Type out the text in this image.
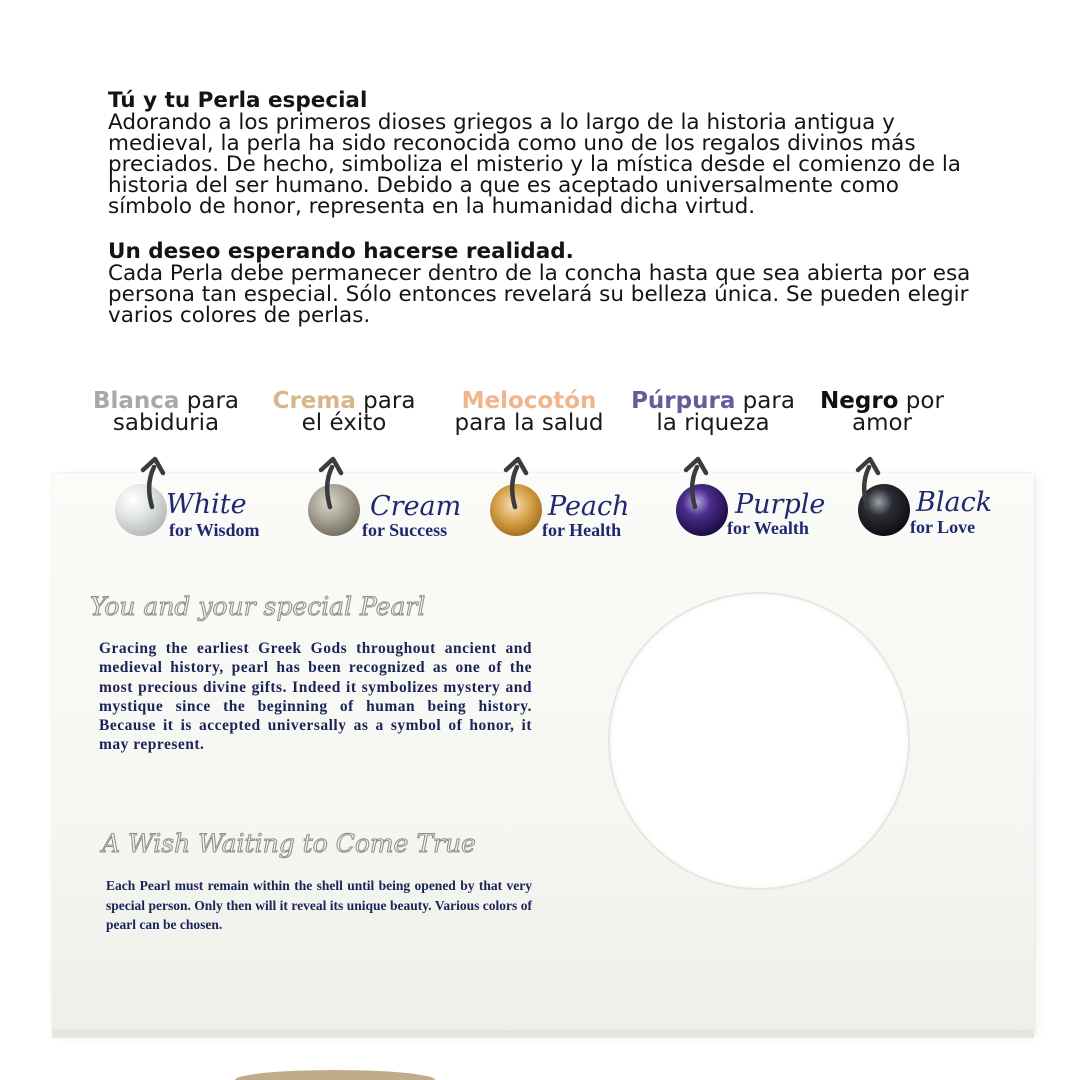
Tú y tu Perla especial

Adorando a los primeros dioses griegos a lo largo de la historia antigua y medieval, la perla ha sido reconocida como uno de los regalos divinos más preciados. De hecho, simboliza el misterio y la mística desde el comienzo de la historia del ser humano. Debido a que es aceptado universalmente como símbolo de honor, representa en la humanidad dicha virtud.

Un deseo esperando hacerse realidad.

Cada Perla debe permanecer dentro de la concha hasta que sea abierta por esa persona tan especial. Sólo entonces revelará su belleza única. Se pueden elegir varios colores de perlas.

Blanca para
sabiduria
Crema para
el éxito
Melocotón
para la salud
Púrpura para
la riqueza
Negro por
amor
White
for Wisdom
Cream
for Success
Peach
for Health
Purple
for Wealth
Black
for Love
You and your special Pearl
Gracing the earliest Greek Gods throughout ancient and medieval history, pearl has been recognized as one of the most precious divine gifts. Indeed it symbolizes mystery and mystique since the beginning of human being history. Because it is accepted universally as a symbol of honor, it may represent.
A Wish Waiting to Come True
Each Pearl must remain within the shell until being opened by that very special person. Only then will it reveal its unique beauty. Various colors of pearl can be chosen.
